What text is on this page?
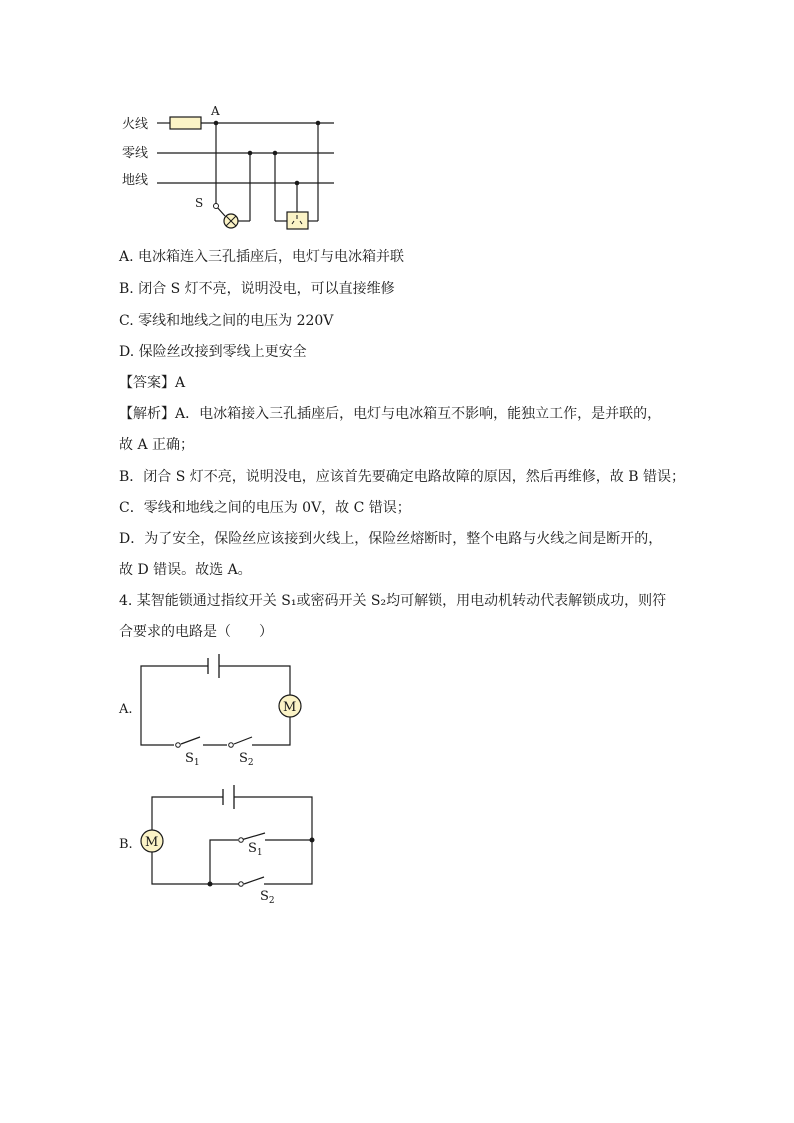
火线
零线
地线
A
S
A. 电冰箱连入三孔插座后，电灯与电冰箱并联
B. 闭合 S 灯不亮，说明没电，可以直接维修
C. 零线和地线之间的电压为 220V
D. 保险丝改接到零线上更安全
【答案】A
【解析】A．电冰箱接入三孔插座后，电灯与电冰箱互不影响，能独立工作，是并联的，
故 A 正确；
B．闭合 S 灯不亮，说明没电，应该首先要确定电路故障的原因，然后再维修，故 B 错误；
C．零线和地线之间的电压为 0V，故 C 错误；
D．为了安全，保险丝应该接到火线上，保险丝熔断时，整个电路与火线之间是断开的，
故 D 错误。故选 A。
4. 某智能锁通过指纹开关 S₁或密码开关 S₂均可解锁，用电动机转动代表解锁成功，则符
合要求的电路是（　　）
A.	M
$S_1$	$S_2$
B. M	$S_1$
$S_2$
